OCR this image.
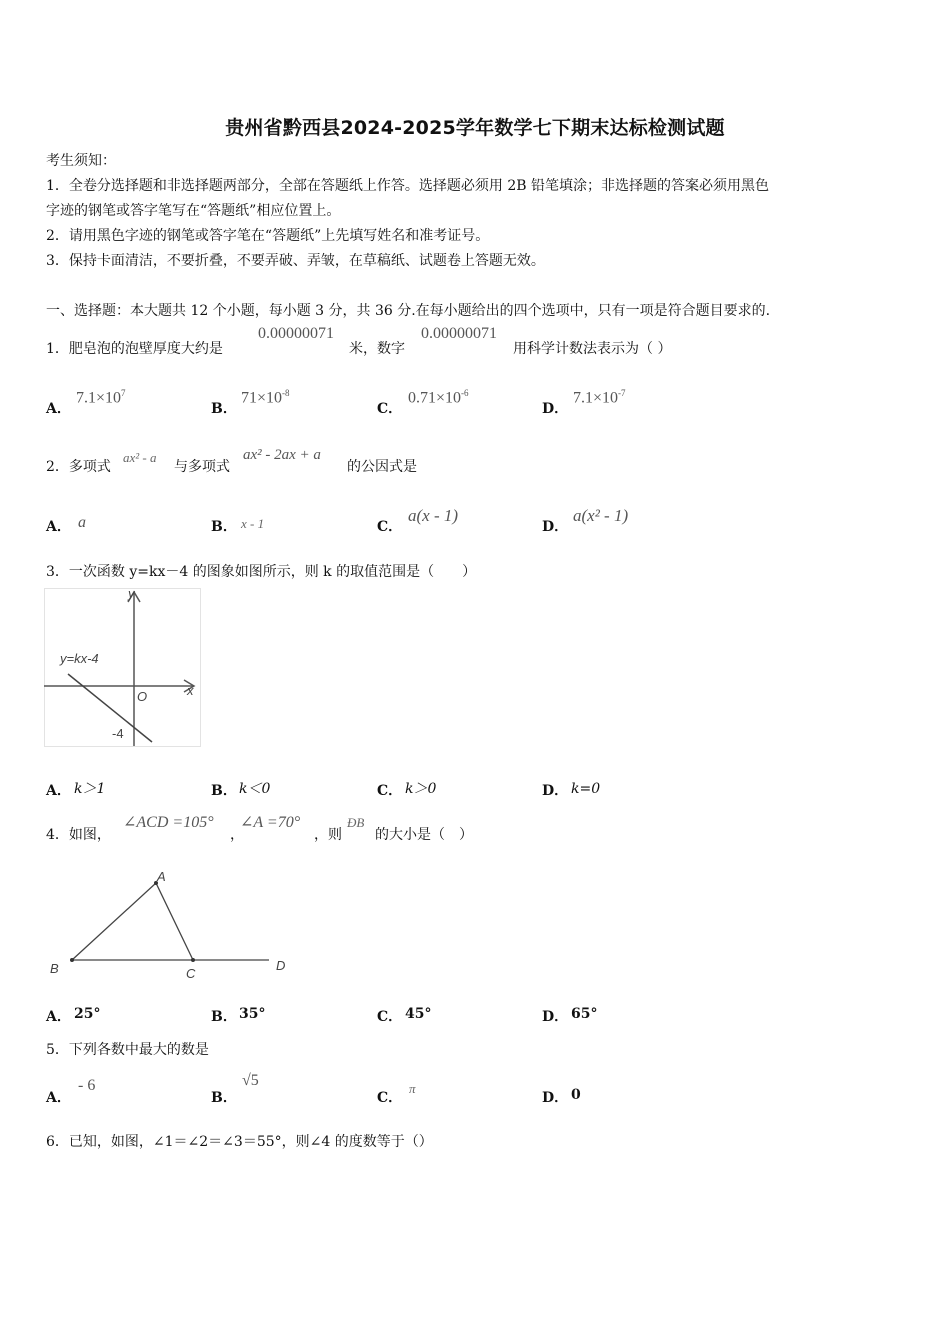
贵州省黔西县2024-2025学年数学七下期末达标检测试题
考生须知：
1．全卷分选择题和非选择题两部分，全部在答题纸上作答。选择题必须用 2B 铅笔填涂；非选择题的答案必须用黑色
字迹的钢笔或答字笔写在“答题纸”相应位置上。
2．请用黑色字迹的钢笔或答字笔在“答题纸”上先填写姓名和准考证号。
3．保持卡面清洁，不要折叠，不要弄破、弄皱，在草稿纸、试题卷上答题无效。
一、选择题：本大题共 12 个小题，每小题 3 分，共 36 分.在每小题给出的四个选项中，只有一项是符合题目要求的.
1．肥皂泡的泡壁厚度大约是
0.00000071
米，数字
0.00000071
用科学计数法表示为（ ）
A．
$7.1\times 10^7$
B．
$71\times 10^{-8}$
C．
$0.71\times 10^{-6}$
D．
$7.1\times 10^{-7}$
2．多项式
ax² - a
与多项式
ax² - 2ax + a
的公因式是
A． a	B． x - 1	C．
a(x - 1)
D．
a(x² - 1)
3．一次函数 y=kx－4 的图象如图所示，则 k 的取值范围是（　　）
y
x
O
y=kx-4
-4
A． k＞1	B． k＜0	C． k＞0	D． k=0
4．如图，
∠ACD =105°
，
∠A =70°
，则
ÐB
的大小是（　）
A
B	C
D
A． 25°	B． 35°	C． 45°	D． 65°
5．下列各数中最大的数是
A．
- 6
B．
√5
C．
π
D． 0
6．已知，如图，∠1＝∠2＝∠3＝55°，则∠4 的度数等于（）
